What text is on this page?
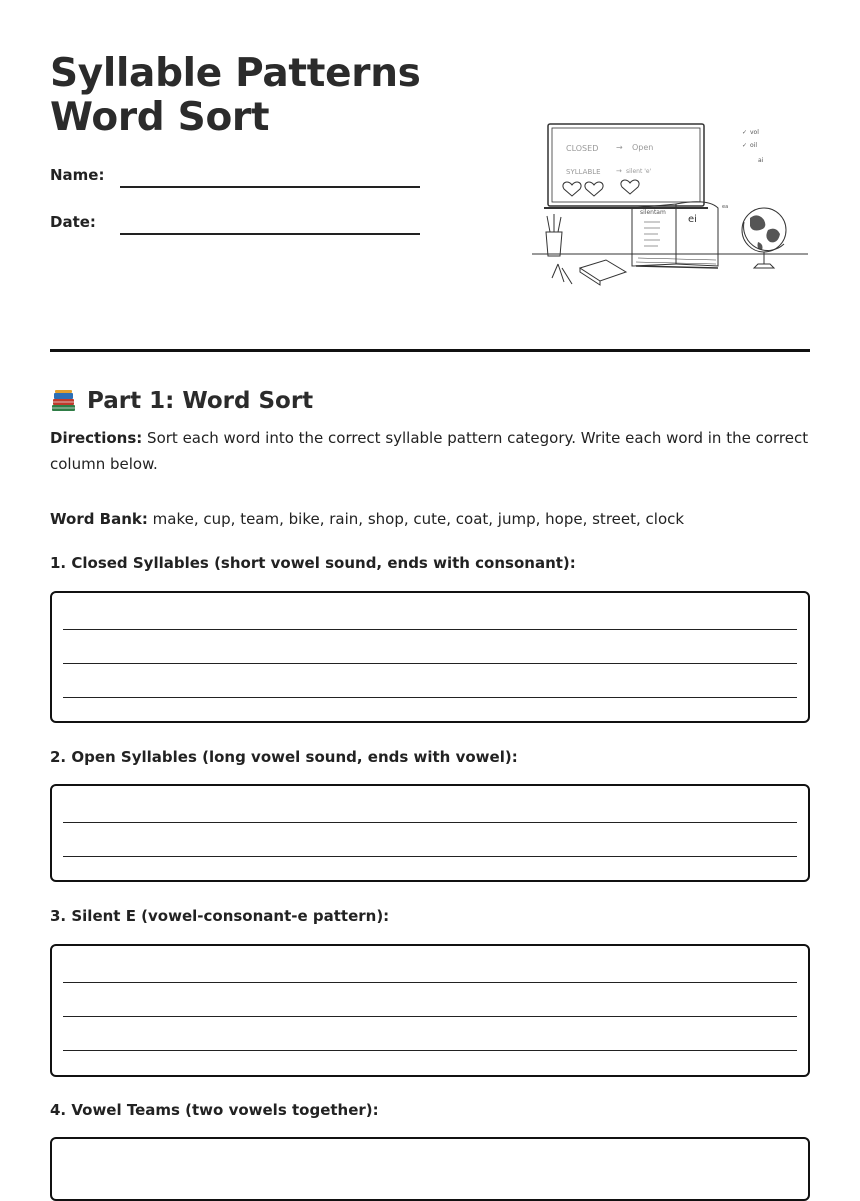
Syllable Patterns Word Sort
Name:
Date:
CLOSED → Open
SYLLABLE → silent 'e'
✓ vol
✓ oil
ai
silentam
ei
ea
Part 1: Word Sort

Directions: Sort each word into the correct syllable pattern category. Write each word in the correct column below.

Word Bank: make, cup, team, bike, rain, shop, cute, coat, jump, hope, street, clock

1. Closed Syllables (short vowel sound, ends with consonant):
2. Open Syllables (long vowel sound, ends with vowel):
3. Silent E (vowel-consonant-e pattern):
4. Vowel Teams (two vowels together):
